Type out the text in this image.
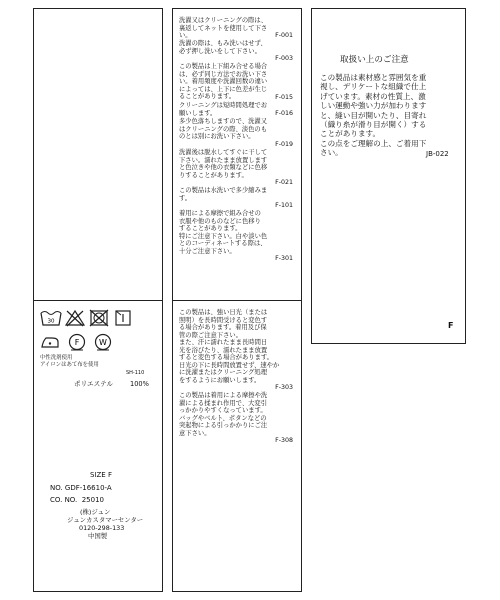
30
F W
中性洗剤使用
アイロンはあて布を使用
SH-110
ポリエステル	100%
SIZE F
NO. GDF-16610-A
CO. NO.  25010
(株)ジュン
ジュンカスタマーセンター
0120-298-133
中国製
洗濯又はクリーニングの際は、
裏返してネットを使用して下さ
い。	F-001
洗濯の際は、もみ洗いはせず、
必ず押し洗いをして下さい。
F-003
この製品は上下組み合せる場合
は、必ず同じ方法でお洗い下さ
い。着用頻度や洗濯回数の違い
によっては、上下に色差が生じ
ることがあります。	F-015
クリーニングは短時間処理でお
願いします。	F-016
多少色落ちしますので、洗濯又
はクリーニングの際、淡色のも
のとは別にお洗い下さい。
F-019
洗濯後は脱水してすぐに干して
下さい。濡れたまま放置します
と色泣きや他の衣類などに色移
りすることがあります。
F-021
この製品は水洗いで多少縮みま
す。
F-101
着用による摩擦で組み合せの
衣服や他のものなどに色移り
することがあります。
特にご注意下さい。白や淡い色
とのコーディネートする際は、
十分ご注意下さい。
F-301
この製品は、強い日光（または
照明）を長時間受けると変色す
る場合があります。着用及び保
管の際ご注意下さい。
また、汗に濡れたまま長時間日
光を浴びたり、濡れたまま放置
すると変色する場合があります。
日光の下に長時間放置せず、速やか
に洗濯またはクリーニング処理
をするようにお願いします。
F-303
この製品は着用による摩擦や洗
濯による揉まれ作用で、大変引
っかかりやすくなっています。
バッグやベルト、ボタンなどの
突起物による引っかかりにご注
意下さい。
F-308
取扱い上のご注意
この製品は素材感と雰囲気を重
視し、デリケートな組織で仕上
げています。素材の性質上、激
しい運動や強い力が加わります
と、縫い目が開いたり、目寄れ
（織り糸が滑り目が開く）する
ことがあります。
この点をご理解の上、ご着用下
さい。	JB-022
F
